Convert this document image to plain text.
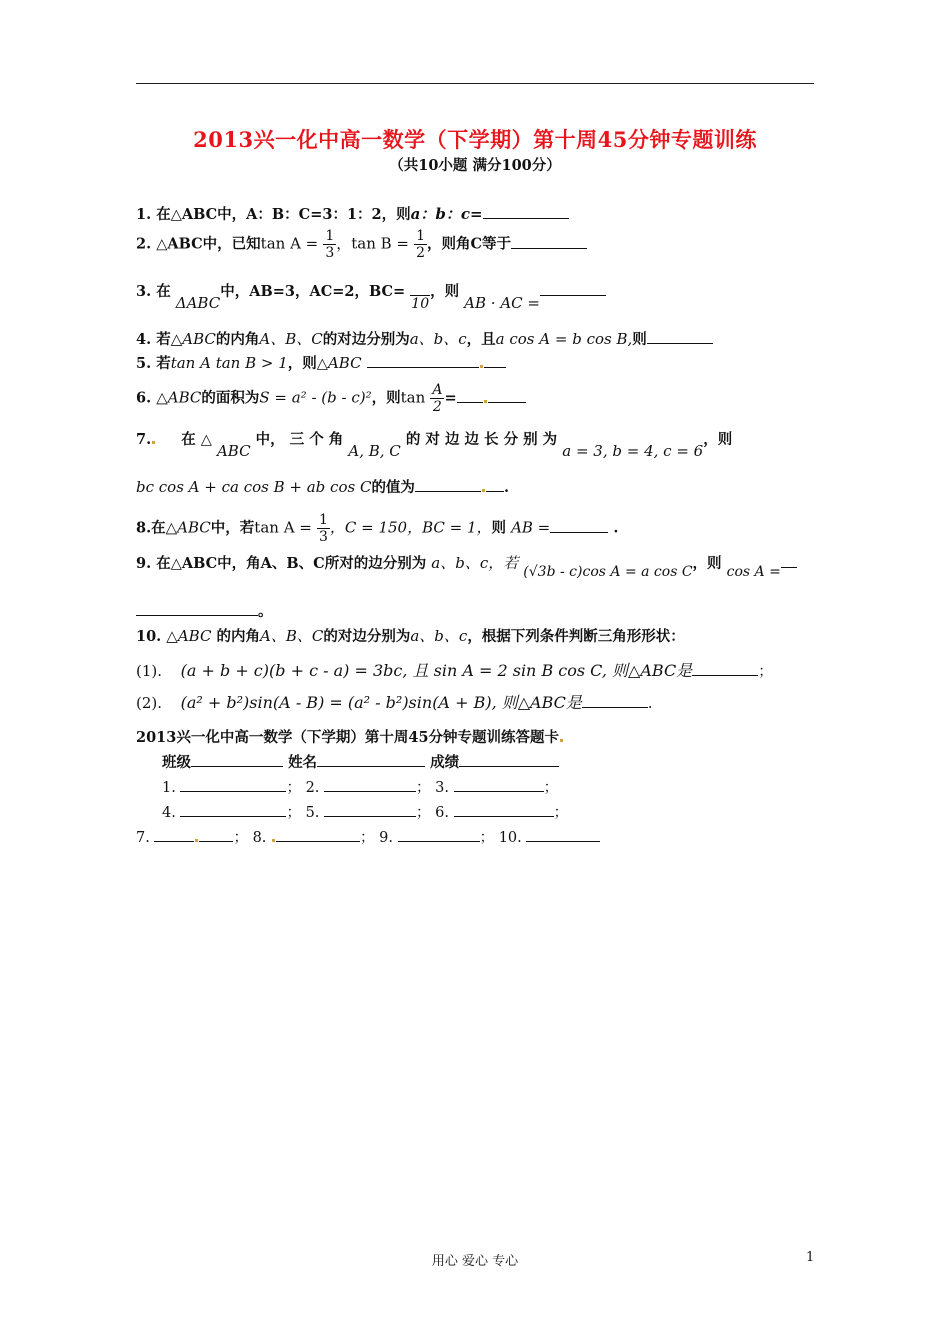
2013兴一化中高一数学（下学期）第十周45分钟专题训练
（共10小题 满分100分）
1. 在△ABC中，A：B：C=3：1：2，则a：b：c=
2. △ABC中，已知$\tan A = \frac{1}{3}$ ，$\tan B = \frac{1}{2}$ ，则角C等于
3. 在 ΔABC中，AB=3，AC=2，BC= 10，则 AB · AC =
4. 若△ABC的内角A、B、C的对边分别为a、b、c，且a cos A = b cos B,则
5. 若tan A tan B > 1，则△ABC
6. △ABC的面积为S = a² - (b - c)²，则$\tan \frac{A}{2}$ =
7. 在 △ ABC 中， 三 个 角 A, B, C 的 对 边 边 长 分 别 为 a = 3, b = 4, c = 6，则
bc cos A + ca cos B + ab cos C的值为	.
8.在△ABC中，若$\tan A = \frac{1}{3}$ ，C = 150，BC = 1，则 AB =	.
9. 在△ABC中，角A、B、C所对的边分别为 a、b、c，若 (√3b - c)cos A = a cos C，则 cos A =
。
10. △ABC 的内角A、B、C的对边分别为a、b、c，根据下列条件判断三角形形状：
(1). (a + b + c)(b + c - a) = 3bc, 且 sin A = 2 sin B cos C, 则△ABC是	；
(2). (a² + b²)sin(A - B) = (a² - b²)sin(A + B), 则△ABC是	.
2013兴一化中高一数学（下学期）第十周45分钟专题训练答题卡
班级	姓名	成绩
1.	； 2.	； 3.	；
4.	； 5.	； 6.	；
7.	； 8.	； 9.	； 10.
用心 爱心 专心	1
